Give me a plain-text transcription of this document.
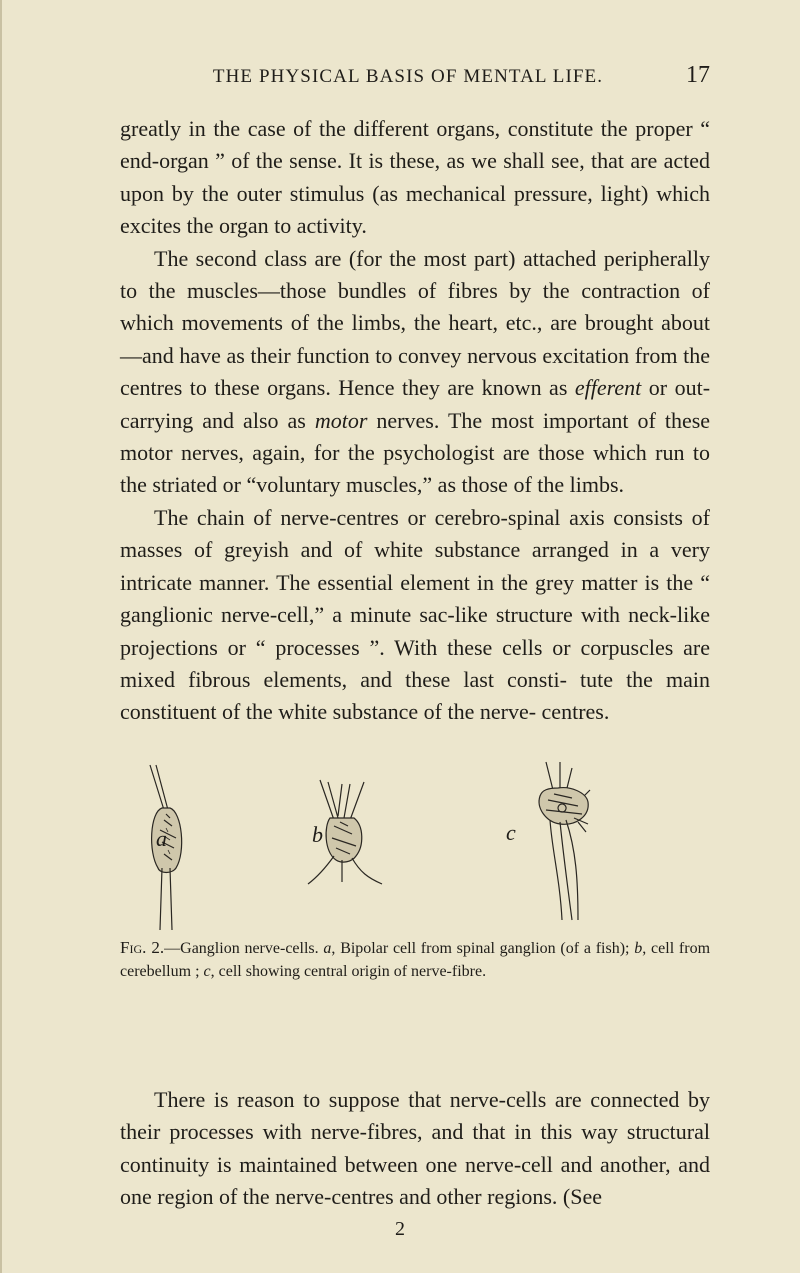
THE PHYSICAL BASIS OF MENTAL LIFE.	17

greatly in the case of the different organs, constitute the proper “ end-organ ” of the sense. It is these, as we shall see, that are acted upon by the outer stimulus (as mechanical pressure, light) which excites the organ to activity.

The second class are (for the most part) attached peripherally to the muscles—those bundles of fibres by the contraction of which movements of the limbs, the heart, etc., are brought about —and have as their function to convey nervous excitation from the centres to these organs. Hence they are known as efferent or out-carrying and also as motor nerves. The most important of these motor nerves, again, for the psychologist are those which run to the striated or “voluntary muscles,” as those of the limbs.

The chain of nerve-centres or cerebro-spinal axis consists of masses of greyish and of white substance arranged in a very intricate manner. The essential element in the grey matter is the “ ganglionic nerve-cell,” a minute sac-like structure with neck-like projections or “ processes ”. With these cells or corpuscles are mixed fibrous elements, and these last consti- tute the main constituent of the white substance of the nerve- centres.

a	b	c
Fig. 2.—Ganglion nerve-cells. a, Bipolar cell from spinal ganglion (of a fish); b, cell from cerebellum ; c, cell showing central origin of nerve-fibre.

There is reason to suppose that nerve-cells are connected by their processes with nerve-fibres, and that in this way structural continuity is maintained between one nerve-cell and another, and one region of the nerve-centres and other regions. (See

2
